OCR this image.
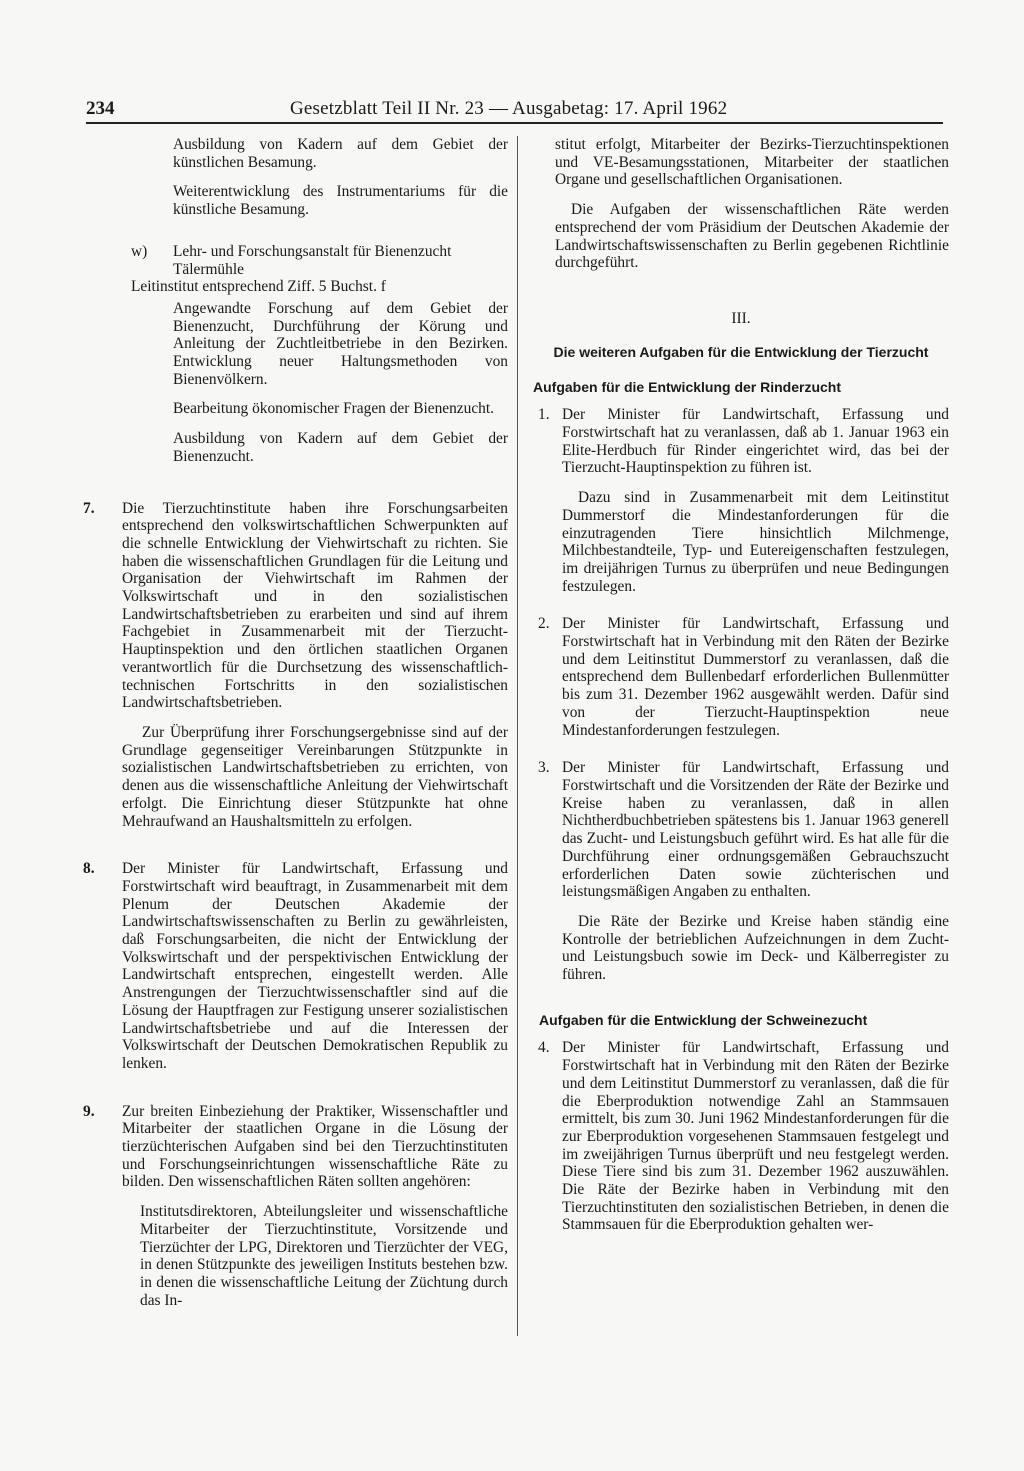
234	Gesetzblatt Teil II Nr. 23 — Ausgabetag: 17. April 1962

Ausbildung von Kadern auf dem Gebiet der künstlichen Besamung.

Weiterentwicklung des Instrumentariums für die künstliche Besamung.

w) Lehr- und Forschungsanstalt für Bienenzucht Tälermühle

Leitinstitut entsprechend Ziff. 5 Buchst. f

Angewandte Forschung auf dem Gebiet der Bienenzucht, Durchführung der Körung und Anleitung der Zuchtleitbetriebe in den Bezirken. Entwicklung neuer Haltungsmethoden von Bienenvölkern.

Bearbeitung ökonomischer Fragen der Bienenzucht.

Ausbildung von Kadern auf dem Gebiet der Bienenzucht.

7. Die Tierzuchtinstitute haben ihre Forschungsarbeiten entsprechend den volkswirtschaftlichen Schwerpunkten auf die schnelle Entwicklung der Viehwirtschaft zu richten. Sie haben die wissenschaftlichen Grundlagen für die Leitung und Organisation der Viehwirtschaft im Rahmen der Volkswirtschaft und in den sozialistischen Landwirtschaftsbetrieben zu erarbeiten und sind auf ihrem Fachgebiet in Zusammenarbeit mit der Tierzucht-Hauptinspektion und den örtlichen staatlichen Organen verantwortlich für die Durchsetzung des wissenschaftlich-technischen Fortschritts in den sozialistischen Landwirtschaftsbetrieben.

Zur Überprüfung ihrer Forschungsergebnisse sind auf der Grundlage gegenseitiger Vereinbarungen Stützpunkte in sozialistischen Landwirtschaftsbetrieben zu errichten, von denen aus die wissenschaftliche Anleitung der Viehwirtschaft erfolgt. Die Einrichtung dieser Stützpunkte hat ohne Mehraufwand an Haushaltsmitteln zu erfolgen.

8. Der Minister für Landwirtschaft, Erfassung und Forstwirtschaft wird beauftragt, in Zusammenarbeit mit dem Plenum der Deutschen Akademie der Landwirtschaftswissenschaften zu Berlin zu gewährleisten, daß Forschungsarbeiten, die nicht der Entwicklung der Volkswirtschaft und der perspektivischen Entwicklung der Landwirtschaft entsprechen, eingestellt werden. Alle Anstrengungen der Tierzuchtwissenschaftler sind auf die Lösung der Hauptfragen zur Festigung unserer sozialistischen Landwirtschaftsbetriebe und auf die Interessen der Volkswirtschaft der Deutschen Demokratischen Republik zu lenken.

9. Zur breiten Einbeziehung der Praktiker, Wissenschaftler und Mitarbeiter der staatlichen Organe in die Lösung der tierzüchterischen Aufgaben sind bei den Tierzuchtinstituten und Forschungseinrichtungen wissenschaftliche Räte zu bilden. Den wissenschaftlichen Räten sollten angehören:

Institutsdirektoren, Abteilungsleiter und wissenschaftliche Mitarbeiter der Tierzuchtinstitute, Vorsitzende und Tierzüchter der LPG, Direktoren und Tierzüchter der VEG, in denen Stützpunkte des jeweiligen Instituts bestehen bzw. in denen die wissenschaftliche Leitung der Züchtung durch das In-

stitut erfolgt, Mitarbeiter der Bezirks-Tierzuchtinspektionen und VE-Besamungsstationen, Mitarbeiter der staatlichen Organe und gesellschaftlichen Organisationen.

Die Aufgaben der wissenschaftlichen Räte werden entsprechend der vom Präsidium der Deutschen Akademie der Landwirtschaftswissenschaften zu Berlin gegebenen Richtlinie durchgeführt.

III.

Die weiteren Aufgaben für die Entwicklung der Tierzucht

Aufgaben für die Entwicklung der Rinderzucht

1. Der Minister für Landwirtschaft, Erfassung und Forstwirtschaft hat zu veranlassen, daß ab 1. Januar 1963 ein Elite-Herdbuch für Rinder eingerichtet wird, das bei der Tierzucht-Hauptinspektion zu führen ist.

Dazu sind in Zusammenarbeit mit dem Leitinstitut Dummerstorf die Mindestanforderungen für die einzutragenden Tiere hinsichtlich Milchmenge, Milchbestandteile, Typ- und Eutereigenschaften festzulegen, im dreijährigen Turnus zu überprüfen und neue Bedingungen festzulegen.

2. Der Minister für Landwirtschaft, Erfassung und Forstwirtschaft hat in Verbindung mit den Räten der Bezirke und dem Leitinstitut Dummerstorf zu veranlassen, daß die entsprechend dem Bullenbedarf erforderlichen Bullenmütter bis zum 31. Dezember 1962 ausgewählt werden. Dafür sind von der Tierzucht-Hauptinspektion neue Mindestanforderungen festzulegen.

3. Der Minister für Landwirtschaft, Erfassung und Forstwirtschaft und die Vorsitzenden der Räte der Bezirke und Kreise haben zu veranlassen, daß in allen Nichtherdbuchbetrieben spätestens bis 1. Januar 1963 generell das Zucht- und Leistungsbuch geführt wird. Es hat alle für die Durchführung einer ordnungsgemäßen Gebrauchszucht erforderlichen Daten sowie züchterischen und leistungsmäßigen Angaben zu enthalten.

Die Räte der Bezirke und Kreise haben ständig eine Kontrolle der betrieblichen Aufzeichnungen in dem Zucht- und Leistungsbuch sowie im Deck- und Kälberregister zu führen.

Aufgaben für die Entwicklung der Schweinezucht

4. Der Minister für Landwirtschaft, Erfassung und Forstwirtschaft hat in Verbindung mit den Räten der Bezirke und dem Leitinstitut Dummerstorf zu veranlassen, daß die für die Eberproduktion notwendige Zahl an Stammsauen ermittelt, bis zum 30. Juni 1962 Mindestanforderungen für die zur Eberproduktion vorgesehenen Stammsauen festgelegt und im zweijährigen Turnus überprüft und neu festgelegt werden. Diese Tiere sind bis zum 31. Dezember 1962 auszuwählen. Die Räte der Bezirke haben in Verbindung mit den Tierzuchtinstituten den sozialistischen Betrieben, in denen die Stammsauen für die Eberproduktion gehalten wer-
